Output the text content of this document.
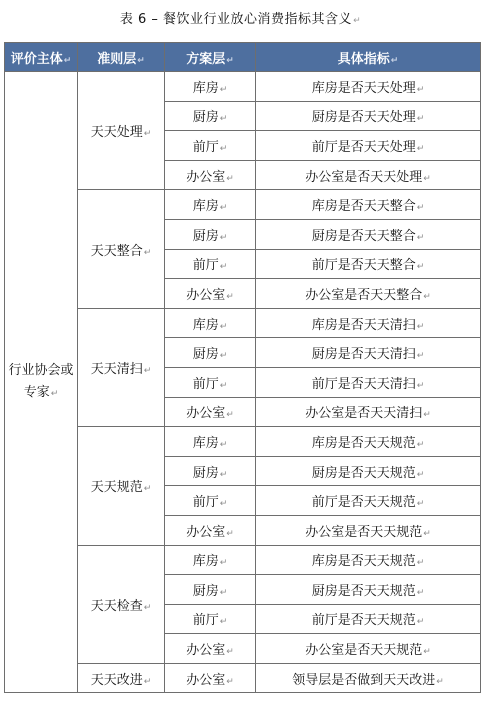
表 6 – 餐饮业行业放心消费指标其含义↵
评价主体↵	准则层↵	方案层↵	具体指标↵
行业协会或专家↵	天天处理↵	库房↵	库房是否天天处理↵
		厨房↵	厨房是否天天处理↵
		前厅↵	前厅是否天天处理↵
		办公室↵	办公室是否天天处理↵
	天天整合↵	库房↵	库房是否天天整合↵
		厨房↵	厨房是否天天整合↵
		前厅↵	前厅是否天天整合↵
		办公室↵	办公室是否天天整合↵
	天天清扫↵	库房↵	库房是否天天清扫↵
		厨房↵	厨房是否天天清扫↵
		前厅↵	前厅是否天天清扫↵
		办公室↵	办公室是否天天清扫↵
	天天规范↵	库房↵	库房是否天天规范↵
		厨房↵	厨房是否天天规范↵
		前厅↵	前厅是否天天规范↵
		办公室↵	办公室是否天天规范↵
	天天检查↵	库房↵	库房是否天天规范↵
		厨房↵	厨房是否天天规范↵
		前厅↵	前厅是否天天规范↵
		办公室↵	办公室是否天天规范↵
	天天改进↵	办公室↵	领导层是否做到天天改进↵
